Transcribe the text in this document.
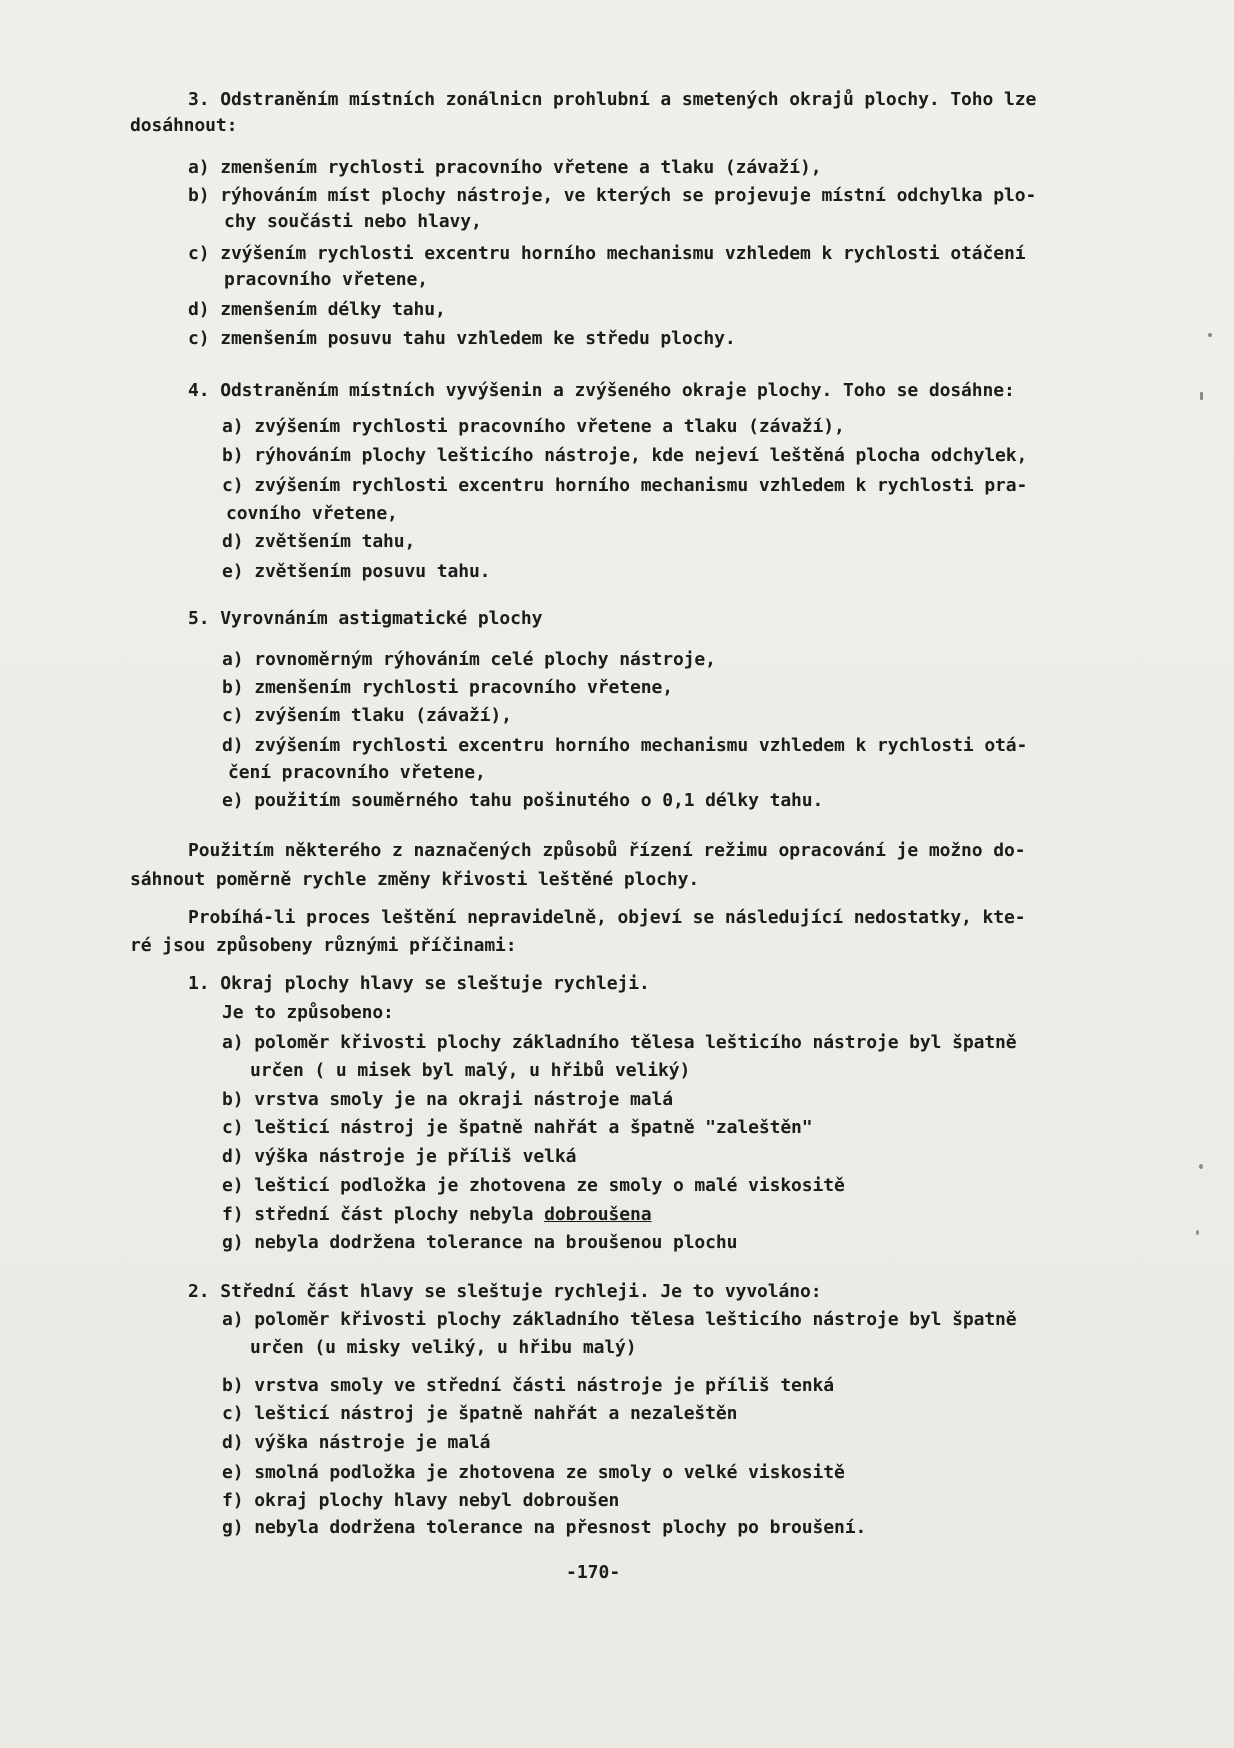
3. Odstraněním místních zonálnicn prohlubní a smetených okrajů plochy. Toho lze
dosáhnout:
a) zmenšením rychlosti pracovního vřetene a tlaku (závaží),
b) rýhováním míst plochy nástroje, ve kterých se projevuje místní odchylka plo-
chy součásti nebo hlavy,
c) zvýšením rychlosti excentru horního mechanismu vzhledem k rychlosti otáčení
pracovního vřetene,
d) zmenšením délky tahu,
c) zmenšením posuvu tahu vzhledem ke středu plochy.
4. Odstraněním místních vyvýšenin a zvýšeného okraje plochy. Toho se dosáhne:
a) zvýšením rychlosti pracovního vřetene a tlaku (závaží),
b) rýhováním plochy lešticího nástroje, kde nejeví leštěná plocha odchylek,
c) zvýšením rychlosti excentru horního mechanismu vzhledem k rychlosti pra-
covního vřetene,
d) zvětšením tahu,
e) zvětšením posuvu tahu.
5. Vyrovnáním astigmatické plochy
a) rovnoměrným rýhováním celé plochy nástroje,
b) zmenšením rychlosti pracovního vřetene,
c) zvýšením tlaku (závaží),
d) zvýšením rychlosti excentru horního mechanismu vzhledem k rychlosti otá-
čení pracovního vřetene,
e) použitím souměrného tahu pošinutého o 0,1 délky tahu.
Použitím některého z naznačených způsobů řízení režimu opracování je možno do-
sáhnout poměrně rychle změny křivosti leštěné plochy.
Probíhá-li proces leštění nepravidelně, objeví se následující nedostatky, kte-
ré jsou způsobeny různými příčinami:
1. Okraj plochy hlavy se sleštuje rychleji.
Je to způsobeno:
a) poloměr křivosti plochy základního tělesa lešticího nástroje byl špatně
určen ( u misek byl malý, u hřibů veliký)
b) vrstva smoly je na okraji nástroje malá
c) lešticí nástroj je špatně nahřát a špatně "zaleštěn"
d) výška nástroje je příliš velká
e) lešticí podložka je zhotovena ze smoly o malé viskositě
f) střední část plochy nebyla dobroušena
g) nebyla dodržena tolerance na broušenou plochu
2. Střední část hlavy se sleštuje rychleji. Je to vyvoláno:
a) poloměr křivosti plochy základního tělesa lešticího nástroje byl špatně
určen (u misky veliký, u hřibu malý)
b) vrstva smoly ve střední části nástroje je příliš tenká
c) lešticí nástroj je špatně nahřát a nezaleštěn
d) výška nástroje je malá
e) smolná podložka je zhotovena ze smoly o velké viskositě
f) okraj plochy hlavy nebyl dobroušen
g) nebyla dodržena tolerance na přesnost plochy po broušení.
-170-
